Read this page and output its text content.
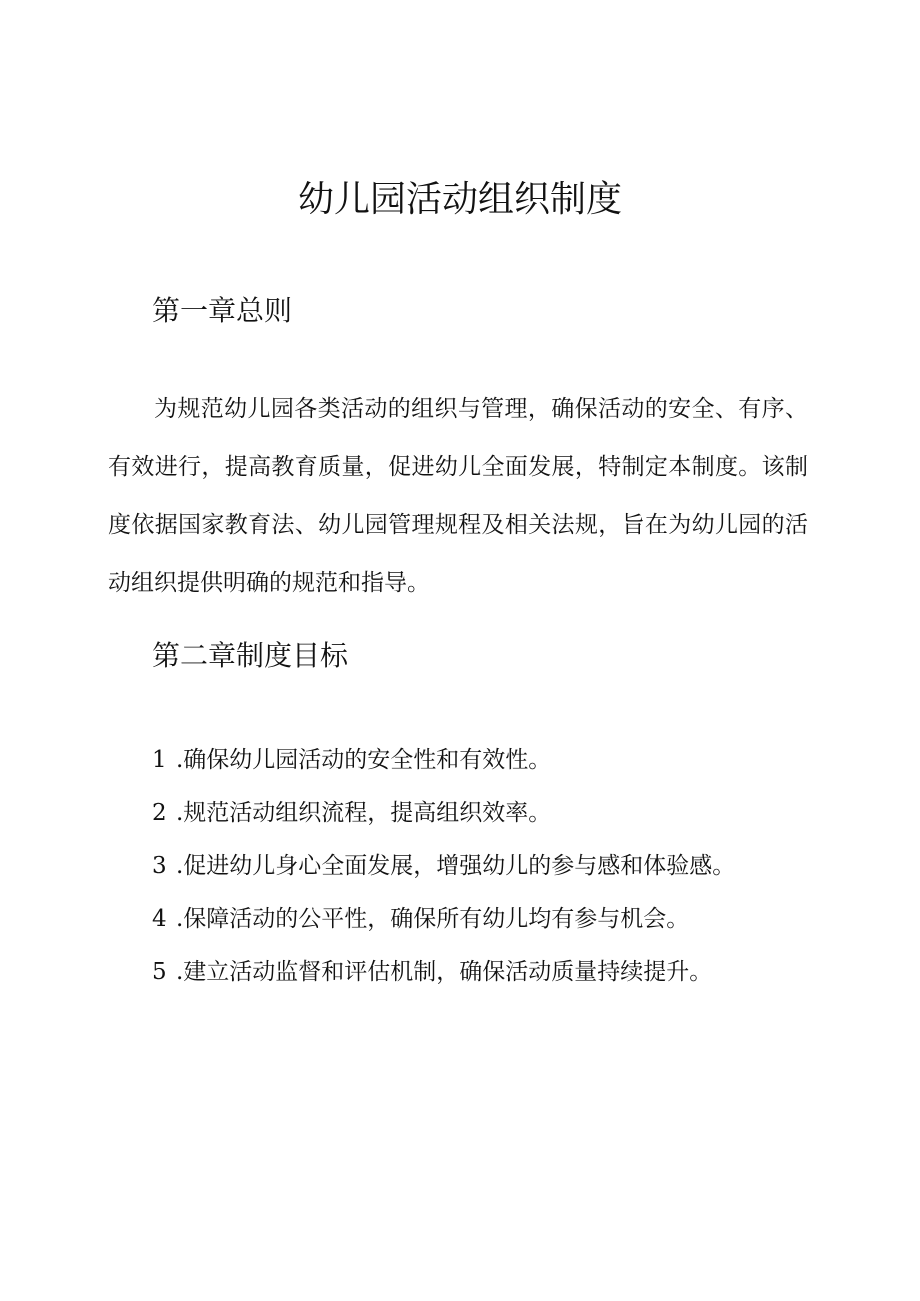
幼儿园活动组织制度
第一章总则

为规范幼儿园各类活动的组织与管理，确保活动的安全、有序、有效进行，提高教育质量，促进幼儿全面发展，特制定本制度。该制度依据国家教育法、幼儿园管理规程及相关法规，旨在为幼儿园的活动组织提供明确的规范和指导。

第二章制度目标
1 .确保幼儿园活动的安全性和有效性。
2 .规范活动组织流程，提高组织效率。
3 .促进幼儿身心全面发展，增强幼儿的参与感和体验感。
4 .保障活动的公平性，确保所有幼儿均有参与机会。
5 .建立活动监督和评估机制，确保活动质量持续提升。
